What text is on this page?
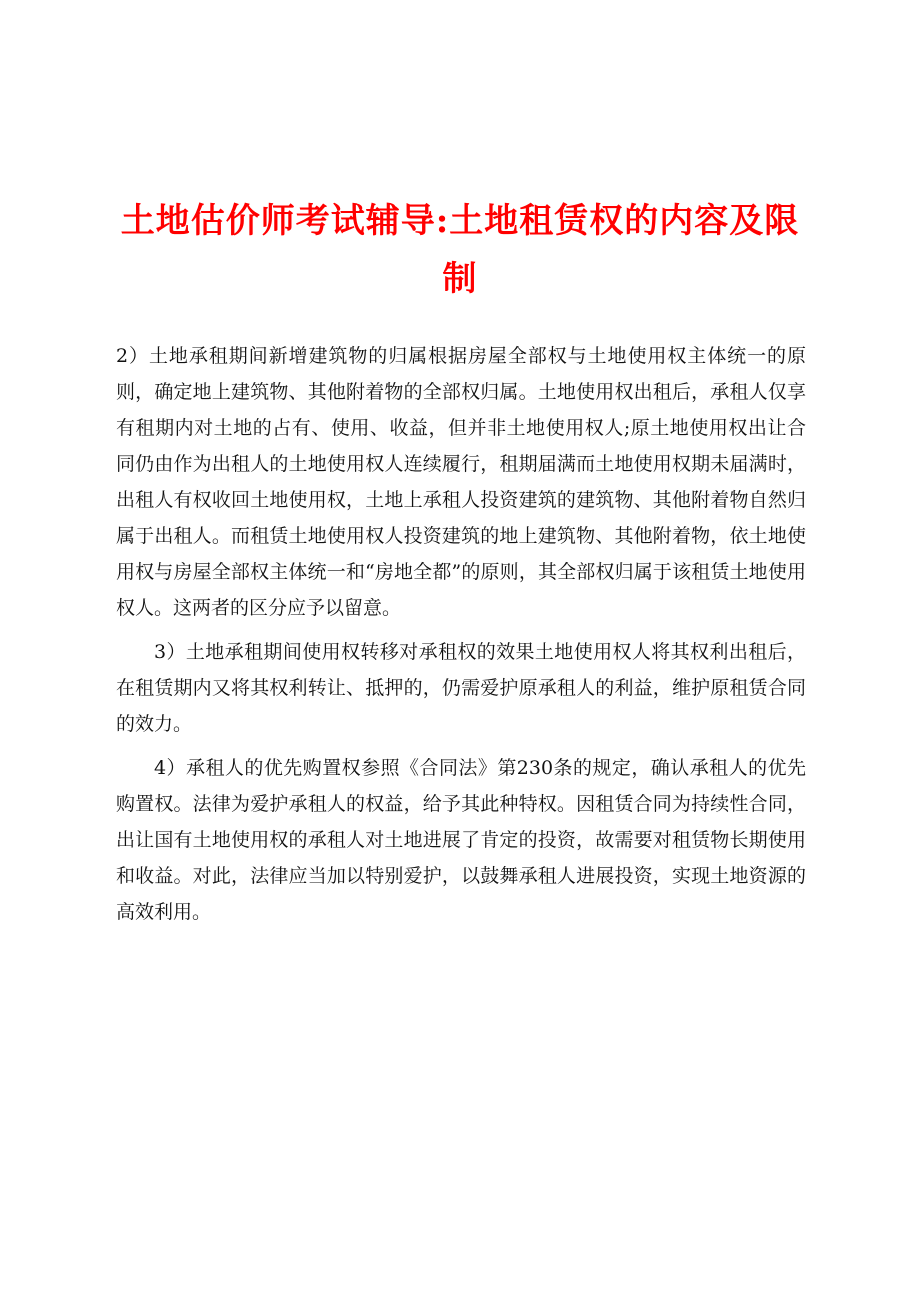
土地估价师考试辅导:土地租赁权的内容及限制

2）土地承租期间新增建筑物的归属根据房屋全部权与土地使用权主体统一的原则，确定地上建筑物、其他附着物的全部权归属。土地使用权出租后，承租人仅享有租期内对土地的占有、使用、收益，但并非土地使用权人;原土地使用权出让合同仍由作为出租人的土地使用权人连续履行，租期届满而土地使用权期未届满时，出租人有权收回土地使用权，土地上承租人投资建筑的建筑物、其他附着物自然归属于出租人。而租赁土地使用权人投资建筑的地上建筑物、其他附着物，依土地使用权与房屋全部权主体统一和“房地全都”的原则，其全部权归属于该租赁土地使用权人。这两者的区分应予以留意。

3）土地承租期间使用权转移对承租权的效果土地使用权人将其权利出租后，在租赁期内又将其权利转让、抵押的，仍需爱护原承租人的利益，维护原租赁合同的效力。

4）承租人的优先购置权参照《合同法》第230条的规定，确认承租人的优先购置权。法律为爱护承租人的权益，给予其此种特权。因租赁合同为持续性合同，出让国有土地使用权的承租人对土地进展了肯定的投资，故需要对租赁物长期使用和收益。对此，法律应当加以特别爱护，以鼓舞承租人进展投资，实现土地资源的高效利用。
